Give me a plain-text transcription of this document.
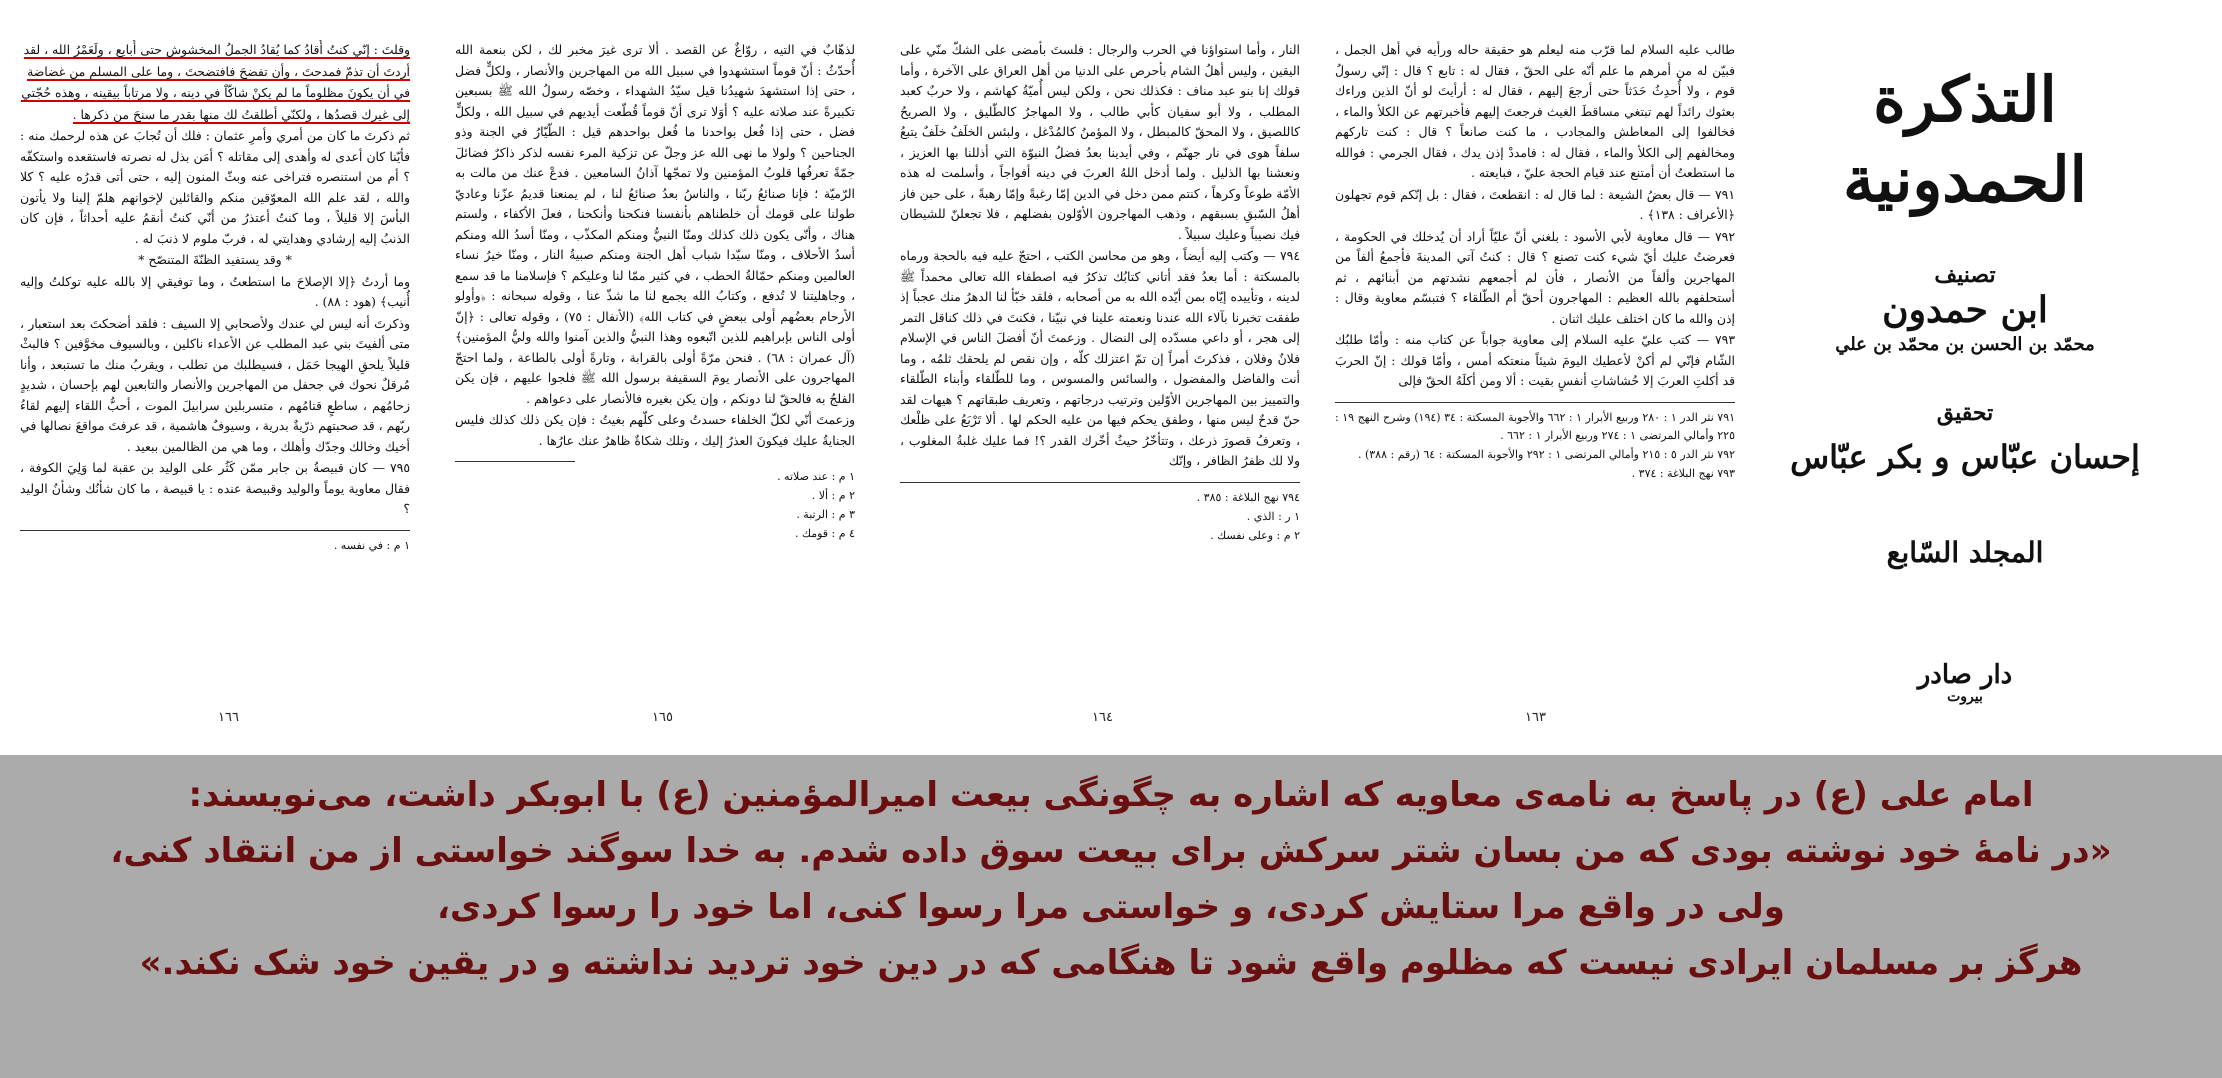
وقلتَ : إنّي كنتُ أُقادُ كما يُقادُ الجملُ المخشوش حتى أُبايع ، ولَعَمْرُ الله ، لقد

أردتَ أن تذمّ فمدحتَ ، وأن تفضحَ فافتضحتَ ، وما على المسلم من غضاضة

في أن يكونَ مظلوماً ما لم يكنْ شاكّاً في دينه ، ولا مرتاباً بيقينه ، وهذه حُجّتي

إلى غيرك قصدُها ، ولكنّي أطلقتُ لك منها بقدر ما سنحَ من ذكرها .

ثم ذكرتَ ما كان من أمري وأمرِ عثمان : فلك أن تُجابَ عن هذه لرحمك منه : فأيّنا كان أعدى له وأهدى إلى مقاتله ؟ أمَن بذل له نصرته فاستقعده واستكفّه ؟ أم من استنصره فتراخى عنه وبثّ المنون إليه ، حتى أتى قدرُه عليه ؟ كلا والله ، لقد علم الله المعوّقين منكم والقائلين لإخوانهم هلمّ إلينا ولا يأتون البأسَ إلا قليلاً ، وما كنتُ أعتذرُ من أنّي كنتُ أنقمُ عليه أحداثاً ، فإن كان الذنبُ إليه إرشادي وهدايتي له ، فربّ ملوم لا ذنبَ له .

* وقد يستفيد الظنّةَ المتنصّح *

وما أردتُ ﴿إلا الإصلاحَ ما استطعتُ ، وما توفيقي إلا بالله عليه توكلتُ وإليه أُنيب﴾ (هود : ٨٨) .

وذكرتَ أنه ليس لي عندك ولأصحابي إلا السيف : فلقد أضحكتَ بعد استعبار ، متى ألفيتَ بني عبد المطلب عن الأعداء ناكلين ، وبالسيوف مخوَّفين ؟ فالبثْ قليلاً يلحقِ الهيجا حَمَل ، فسيطلبك من تطلب ، ويقربُ منك ما تستبعد ، وأنا مُرقلٌ نحوك في جحفل من المهاجرين والأنصار والتابعين لهم بإحسان ، شديدٍ زحامُهم ، ساطعٍ قتامُهم ، متسربلين سرابيلَ الموت ، أحبُّ اللقاء إليهم لقاءُ ربّهم ، قد صحبتهم ذرّيةٌ بدرية ، وسيوفٌ هاشمية ، قد عرفتَ مواقعَ نصالها في أخيك وخالك وجدّك وأهلك ، وما هي من الظالمين ببعيد .

٧٩٥ — كان قبيصةُ بن جابر ممّن كَثُر على الوليد بن عقبة لما وَلِيَ الكوفة ، فقال معاوية يوماً والوليد وقبيصة عنده : يا قبيصة ، ما كان شأنُك وشأنُ الوليد ؟

١ م : في نفسه .

١٦٦

لذهّابٌ في التيه ، روّاغٌ عن القصد . ألا ترى غيرَ مخبر لك ، لكن بنعمة الله أُحدّثُ : أنّ قوماً استشهدوا في سبيل الله من المهاجرين والأنصار ، ولكلٍّ فضل ، حتى إذا استشهدَ شهيدُنا قيل سيّدُ الشهداء ، وخصّه رسولُ الله ﷺ بسبعين تكبيرةً عند صلاته عليه ؟ أوَلا ترى أنّ قوماً قُطّعت أيديهم في سبيل الله ، ولكلٍّ فضل ، حتى إذا فُعل بواحدنا ما فُعل بواحدهم قيل : الطّيّارُ في الجنة وذو الجناحين ؟ ولولا ما نهى الله عز وجلّ عن تزكية المرء نفسه لذكر ذاكرٌ فضائلَ جمّةً تعرفُها قلوبُ المؤمنين ولا تمجّها آذانُ السامعين . فدعْ عنك من مالت به الرّميّة ؛ فإنا صنائعُ ربّنا ، والناسُ بعدُ صنائعُ لنا ، لم يمنعنا قديمُ عزّنا وعاديّ طولنا على قومك أن خلطناهم بأنفسنا فنكحنا وأنكحنا ، فعلَ الأكفاء ، ولستم هناك ، وأنّى يكون ذلك كذلك ومنّا النبيُّ ومنكم المكذّب ، ومنّا أسدُ الله ومنكم أسدُ الأحلاف ، ومنّا سيّدا شباب أهل الجنة ومنكم صبيةُ النار ، ومنّا خيرُ نساء العالمين ومنكم حمّالةُ الحطب ، في كثير ممّا لنا وعليكم ؟ فإسلامنا ما قد سمع ، وجاهليتنا لا تُدفع ، وكتابُ الله يجمع لنا ما شذّ عنا ، وقوله سبحانه : ﴿وأولو الأرحام بعضُهم أولى ببعضٍ في كتاب الله﴾ (الأنفال : ٧٥) ، وقوله تعالى : ﴿إنّ أولى الناس بإبراهيم للذين اتّبعوه وهذا النبيُّ والذين آمنوا والله وليُّ المؤمنين﴾ (آل عمران : ٦٨) . فنحن مرّةً أولى بالقرابة ، وتارةً أولى بالطاعة ، ولما احتجّ المهاجرون على الأنصار يومَ السقيفة برسول الله ﷺ فلجوا عليهم ، فإن يكن الفلجُ به فالحقّ لنا دونكم ، وإن يكن بغيره فالأنصار على دعواهم .

وزعمتَ أنّي لكلّ الخلفاء حسدتُ وعلى كلّهم بغيتُ : فإن يكن ذلك كذلك فليس الجنايةُ عليك فيكونَ العذرُ إليك ، وتلك شكاةٌ ظاهرٌ عنك عارُها .

١ م : عند صلاته .

٢ م : ألا .

٣ م : الرتبة .

٤ م : قومك .

١٦٥

النار ، وأما استواؤنا في الحرب والرجال : فلستَ بأمضى على الشكّ منّي على اليقين ، وليس أهلُ الشام بأحرص على الدنيا من أهل العراق على الآخرة ، وأما قولك إنا بنو عبد مناف : فكذلك نحن ، ولكن ليس أُميّةُ كهاشم ، ولا حربٌ كعبد المطلب ، ولا أبو سفيان كأبي طالب ، ولا المهاجرُ كالطّليق ، ولا الصريحُ كاللصيق ، ولا المحقّ كالمبطل ، ولا المؤمنُ كالمُدْغل ، ولبئس الخلَفُ خلَفٌ يتبعُ سلفاً هوى في نار جهنّم ، وفي أيدينا بعدُ فضلُ النبوّة التي أذللنا بها العزيز ، ونعشنا بها الذليل . ولما أدخل اللهُ العربَ في دينه أفواجاً ، وأسلمت له هذه الأمّة طوعاً وكرهاً ، كنتم ممن دخل في الدين إمّا رغبةً وإمّا رهبةً ، على حين فاز أهلُ السّبقِ بسبقهم ، وذهب المهاجرون الأوّلون بفضلهم ، فلا تجعلنّ للشيطان فيك نصيباً وعليك سبيلاً .

٧٩٤ — وكتب إليه أيضاً ، وهو من محاسن الكتب ، احتجّ عليه فيه بالحجة ورماه بالمسكتة : أما بعدُ فقد أتاني كتابُك تذكرُ فيه اصطفاء الله تعالى محمداً ﷺ لدينه ، وتأييده إيّاه بمن أيّده الله به من أصحابه ، فلقد خبّأ لنا الدهرُ منك عجباً إذ طفقت تخبرنا بآلاء الله عندنا ونعمته علينا في نبيّنا ، فكنتَ في ذلك كناقل التمر إلى هجر ، أو داعي مسدّده إلى النضال . وزعمتَ أنّ أفضلَ الناس في الإسلام فلانٌ وفلان ، فذكرتَ أمراً إن تمّ اعتزلك كلّه ، وإن نقص لم يلحقك ثلمُه ، وما أنت والفاضل والمفضول ، والسائس والمسوس ، وما للطّلقاء وأبناء الطّلقاء والتمييز بين المهاجرين الأوّلين وترتيب درجاتهم ، وتعريف طبقاتهم ؟ هيهات لقد حنّ قدحٌ ليس منها ، وطفق يحكم فيها من عليه الحكم لها . ألا تَرْبَعُ على ظلْعك ، وتعرفُ قصورَ ذرعك ، وتتأخّرُ حيثُ أخّرك القدر ؟! فما عليك غلبةُ المغلوب ، ولا لك ظفرُ الظافر ، وإنّك

٧٩٤ نهج البلاغة : ٣٨٥ .

١ ر : الذي .

٢ م : وعلى نفسك .

١٦٤

طالب عليه السلام لما قرّب منه ليعلم هو حقيقة حاله ورأيه في أهل الجمل ، فبيّن له من أمرهم ما علم أنّه على الحقّ ، فقال له : تابع ؟ قال : إنّي رسولُ قوم ، ولا أُحدِثُ حَدَثاً حتى أرجعَ إليهم ، فقال له : أرأيتَ لو أنّ الذين وراءك بعثوك رائداً لهم تبتغي مساقطَ الغيث فرجعتَ إليهم فأخبرتهم عن الكلأ والماء ، فخالفوا إلى المعاطش والمجادب ، ما كنت صانعاً ؟ قال : كنت تاركهم ومخالفهم إلى الكلأ والماء ، فقال له : فامددْ إذن يدك ، فقال الجرمي : فوالله ما استطعتُ أن أمتنع عند قيام الحجة عليّ ، فبايعته .

٧٩١ — قال بعضُ الشيعة : لما قال له : انقطعتَ ، فقال : بل إنّكم قوم تجهلون ﴿الأعراف : ١٣٨﴾ .

٧٩٢ — قال معاوية لأبي الأسود : بلغني أنّ عليّاً أراد أن يُدخلك في الحكومة ، فعرضتُ عليك أيّ شيء كنت تصنع ؟ قال : كنتُ آتي المدينةَ فأجمعُ ألفاً من المهاجرين وألفاً من الأنصار ، فأن لم أجمعهم نشدتهم من أبنائهم ، ثم أستحلفهم بالله العظيم : المهاجرون أحقّ أم الطّلقاء ؟ فتبسّم معاوية وقال : إذن والله ما كان اختلف عليك اثنان .

٧٩٣ — كتب عليّ عليه السلام إلى معاوية جواباً عن كتاب منه : وأمّا طلبُك الشّام فإنّي لم أكنْ لأعطيك اليومَ شيئاً منعتكه أمس ، وأمّا قولك : إنّ الحربَ قد أكلتِ العربَ إلا حُشاشاتِ أنفسٍ بقيت : ألا ومن أكلَهُ الحقّ فإلى

٧٩١ نثر الدر ١ : ٢٨٠ وربيع الأبرار ١ : ٦٦٢ والأجوبة المسكتة : ٣٤ (١٩٤) وشرح النهج ١٩ : ٢٢٥ وأمالي المرتضى ١ : ٢٧٤ وربيع الأبرار ١ : ٦٦٢ .

٧٩٢ نثر الدر ٥ : ٢١٥ وأمالي المرتضى ١ : ٢٩٢ والأجوبة المسكتة : ٦٤ (رقم : ٣٨٨) .

٧٩٣ نهج البلاغة : ٣٧٤ .

١٦٣
التذكرة الحمدونية
تصنيف
ابن حمدون
محمّد بن الحسن بن محمّد بن علي
تحقيق
إحسان عبّاس و بكر عبّاس
المجلد السّابع
دار صادر
بيروت
امام علی (ع) در پاسخ به نامه‌ی معاویه که اشاره به چگونگی بیعت امیرالمؤمنین (ع) با ابوبکر داشت، می‌نویسند:
«در نامهٔ خود نوشته بودی که من بسان شتر سرکش برای بیعت سوق داده شدم. به خدا سوگند خواستی از من انتقاد کنی،
ولی در واقع مرا ستایش کردی، و خواستی مرا رسوا کنی، اما خود را رسوا کردی،
هرگز بر مسلمان ایرادی نیست که مظلوم واقع شود تا هنگامی که در دین خود تردید نداشته و در یقین خود شک نکند.»
